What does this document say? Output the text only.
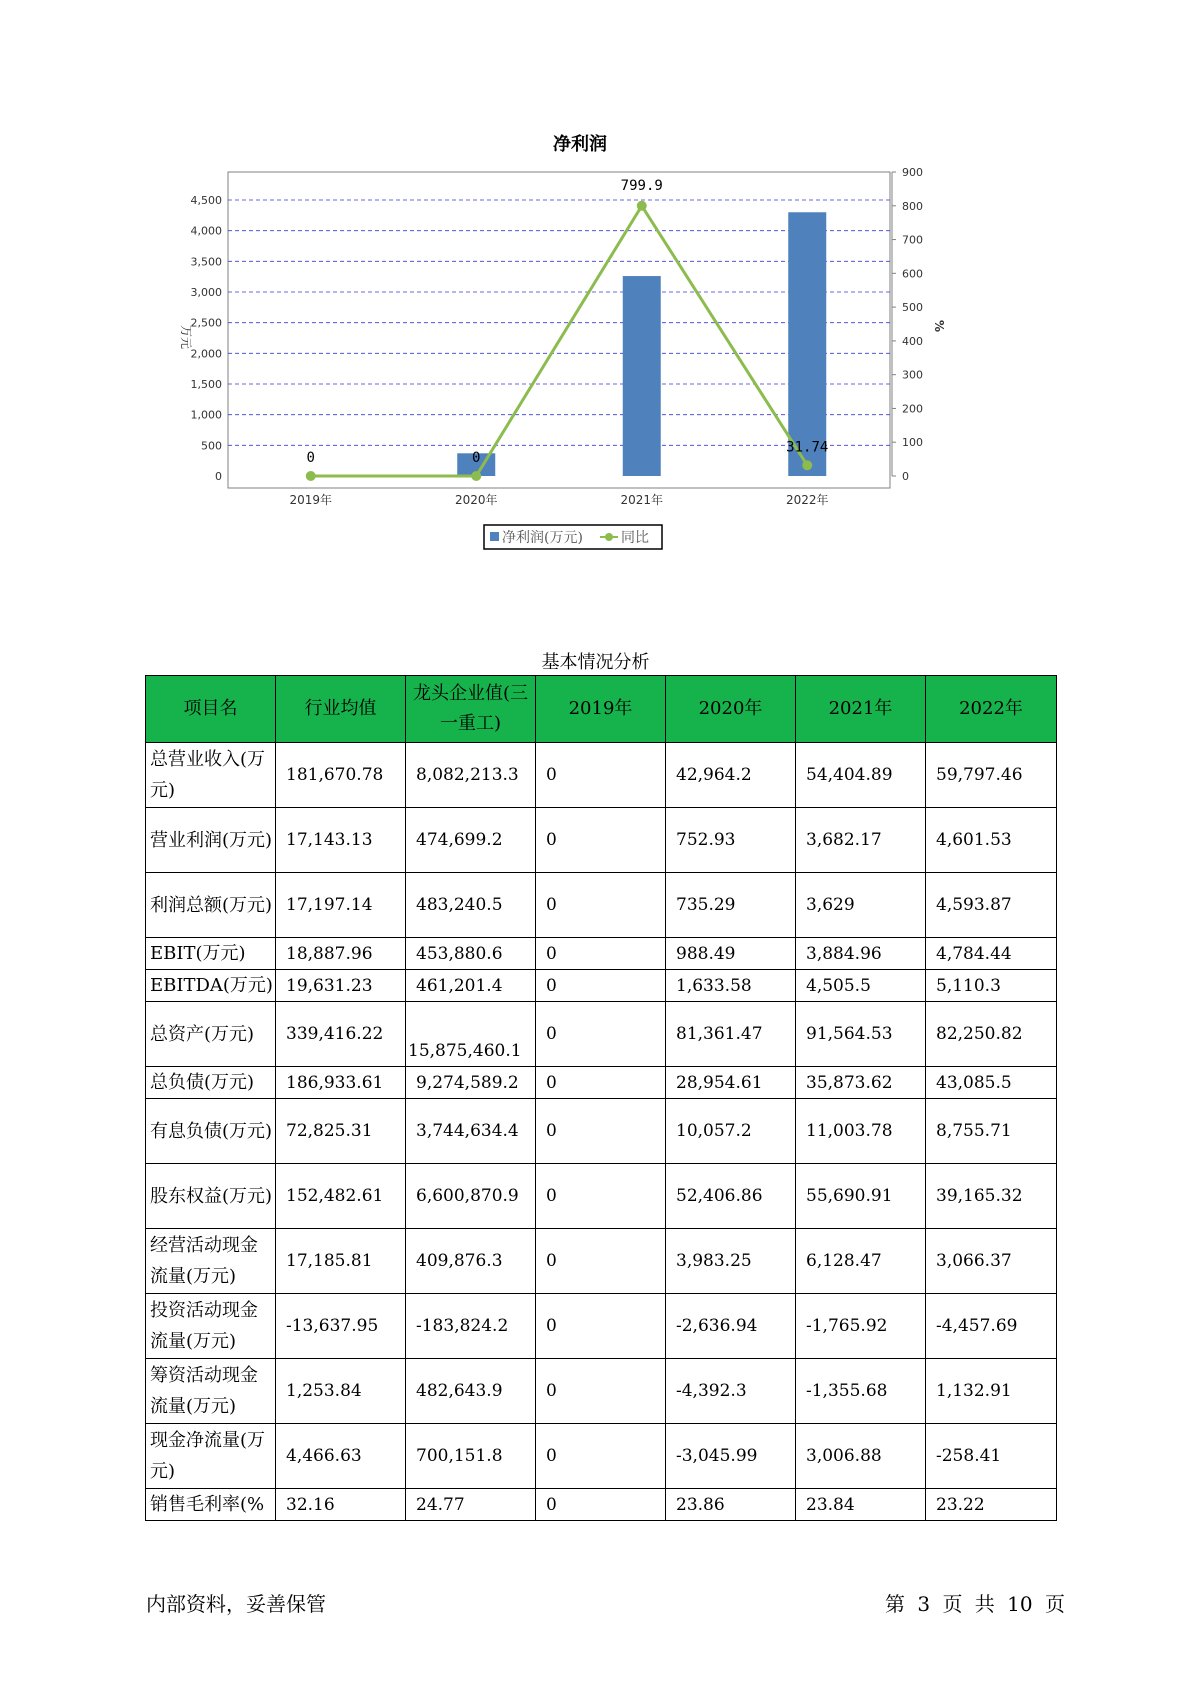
净利润
0
500
1,000
1,500
2,000
2,500
3,000
3,500
4,000
4,500
0
100
200
300
400
500
600
700
800
900
万元	%
2019年	2020年	2021年	2022年
0	0
799.9
31.74
净利润(万元)	同比
基本情况分析
项目名	行业均值	龙头企业值(三一重工)	2019年	2020年	2021年	2022年
总营业收入(万元)	181,670.78	8,082,213.3	0	42,964.2	54,404.89	59,797.46
营业利润(万元)	17,143.13	474,699.2	0	752.93	3,682.17	4,601.53
利润总额(万元)	17,197.14	483,240.5	0	735.29	3,629	4,593.87
EBIT(万元)	18,887.96	453,880.6	0	988.49	3,884.96	4,784.44
EBITDA(万元)	19,631.23	461,201.4	0	1,633.58	4,505.5	5,110.3
总资产(万元)	339,416.22	15,875,460.1	0	81,361.47	91,564.53	82,250.82
总负债(万元)	186,933.61	9,274,589.2	0	28,954.61	35,873.62	43,085.5
有息负债(万元)	72,825.31	3,744,634.4	0	10,057.2	11,003.78	8,755.71
股东权益(万元)	152,482.61	6,600,870.9	0	52,406.86	55,690.91	39,165.32
经营活动现金流量(万元)	17,185.81	409,876.3	0	3,983.25	6,128.47	3,066.37
投资活动现金流量(万元)	-13,637.95	-183,824.2	0	-2,636.94	-1,765.92	-4,457.69
筹资活动现金流量(万元)	1,253.84	482,643.9	0	-4,392.3	-1,355.68	1,132.91
现金净流量(万元)	4,466.63	700,151.8	0	-3,045.99	3,006.88	-258.41
销售毛利率(%	32.16	24.77	0	23.86	23.84	23.22
内部资料，妥善保管	第 3 页 共 10 页
